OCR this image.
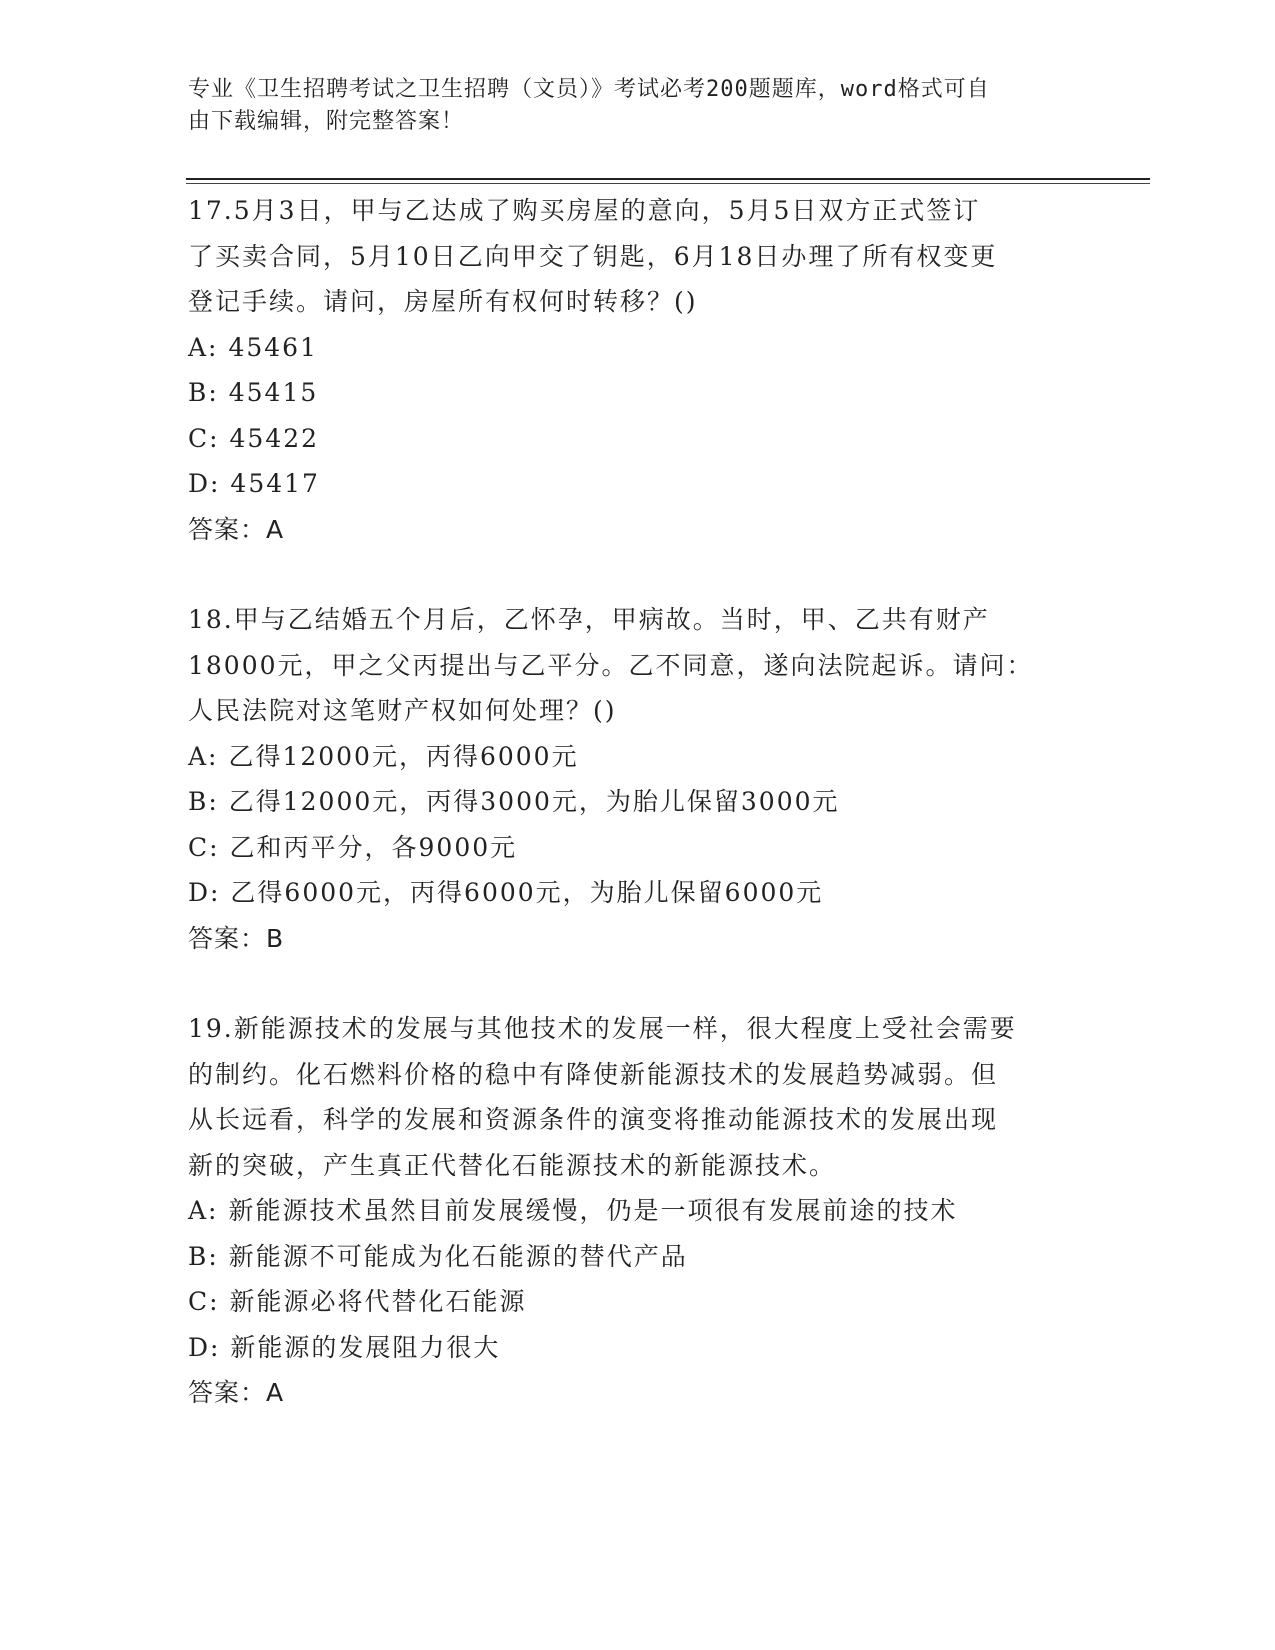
专业《卫生招聘考试之卫生招聘（文员）》考试必考200题题库，word格式可自
由下载编辑，附完整答案！

17.5月3日，甲与乙达成了购买房屋的意向，5月5日双方正式签订

了买卖合同，5月10日乙向甲交了钥匙，6月18日办理了所有权变更

登记手续。请问，房屋所有权何时转移？()

A: 45461

B: 45415

C: 45422

D: 45417

答案：A

18.甲与乙结婚五个月后，乙怀孕，甲病故。当时，甲、乙共有财产

18000元，甲之父丙提出与乙平分。乙不同意，遂向法院起诉。请问：

人民法院对这笔财产权如何处理？()

A: 乙得12000元，丙得6000元

B: 乙得12000元，丙得3000元，为胎儿保留3000元

C: 乙和丙平分，各9000元

D: 乙得6000元，丙得6000元，为胎儿保留6000元

答案：B

19.新能源技术的发展与其他技术的发展一样，很大程度上受社会需要

的制约。化石燃料价格的稳中有降使新能源技术的发展趋势减弱。但

从长远看，科学的发展和资源条件的演变将推动能源技术的发展出现

新的突破，产生真正代替化石能源技术的新能源技术。

A: 新能源技术虽然目前发展缓慢，仍是一项很有发展前途的技术

B: 新能源不可能成为化石能源的替代产品

C: 新能源必将代替化石能源

D: 新能源的发展阻力很大

答案：A
